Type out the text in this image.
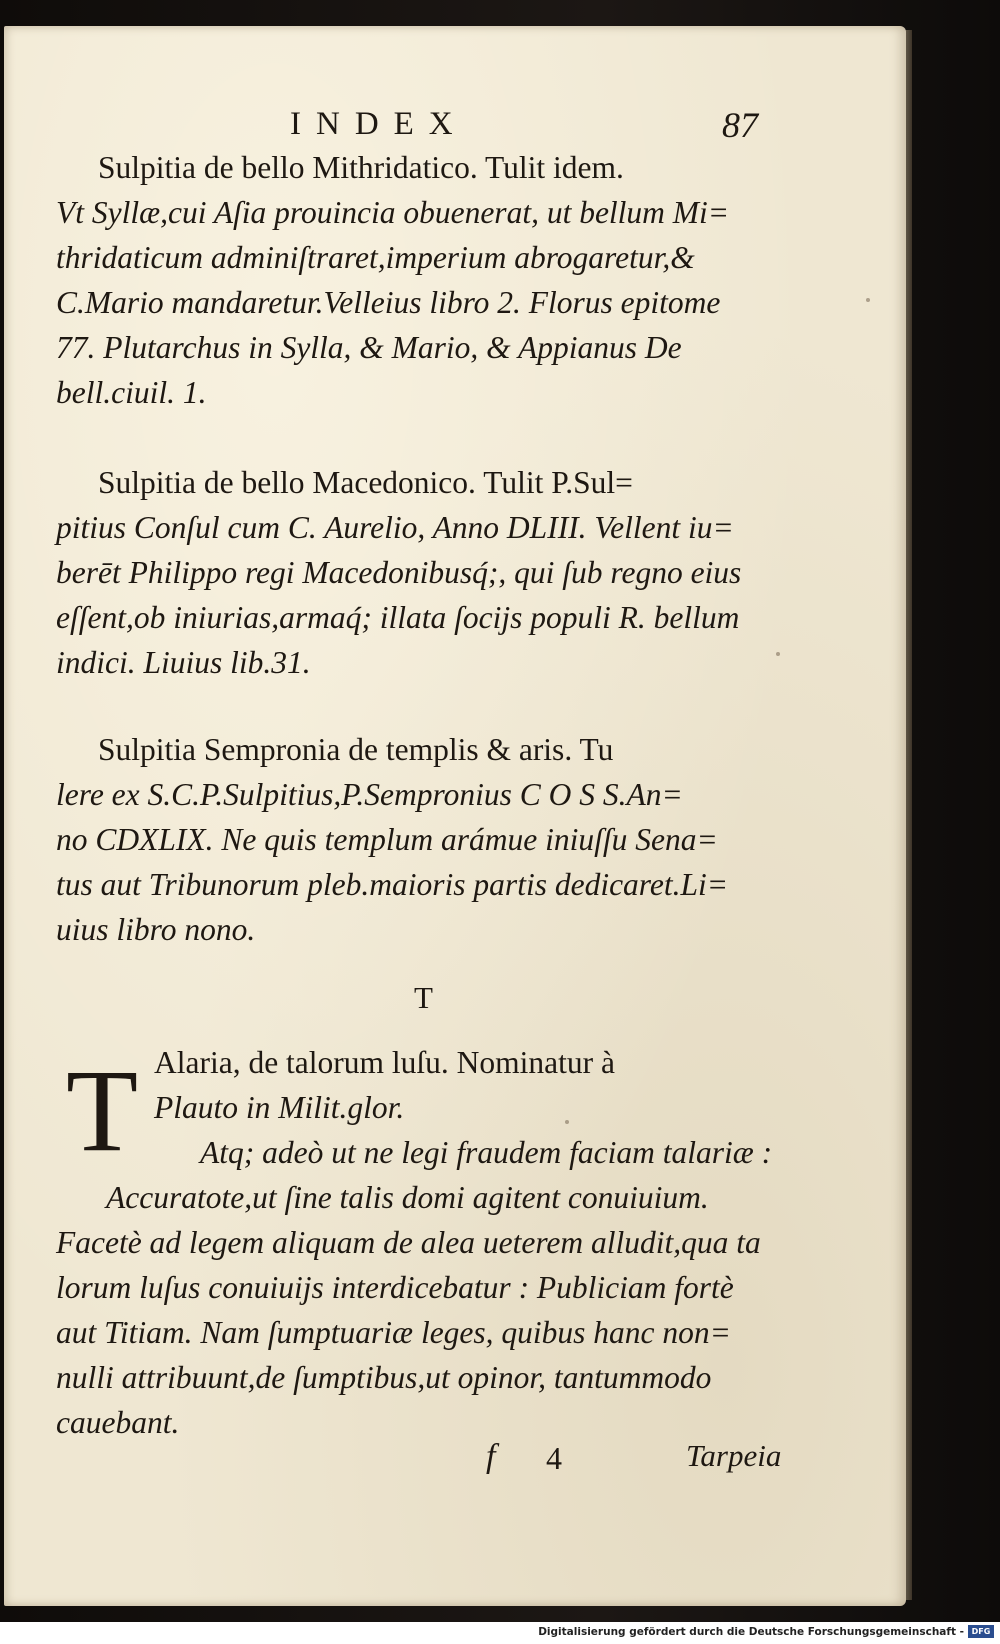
INDEX	87
Sulpitia de bello Mithridatico. Tulit idem.
Vt Syllæ,cui Aſia prouincia obuenerat, ut bellum Mi=
thridaticum adminiſtraret,imperium abrogaretur,&
C.Mario mandaretur.Velleius libro 2. Florus epitome
77. Plutarchus in Sylla, & Mario, & Appianus De
bell.ciuil. 1.
Sulpitia de bello Macedonico. Tulit P.Sul=
pitius Conſul cum C. Aurelio, Anno DLIII. Vellent iu=
berēt Philippo regi Macedonibusq́;, qui ſub regno eius
eſſent,ob iniurias,armaq́; illata ſocijs populi R. bellum
indici. Liuius lib.31.
Sulpitia Sempronia de templis & aris. Tu
lere ex S.C.P.Sulpitius,P.Sempronius C O S S.An=
no CDXLIX. Ne quis templum arámue iniuſſu Sena=
tus aut Tribunorum pleb.maioris partis dedicaret.Li=
uius libro nono.
T
T Alaria, de talorum luſu. Nominatur à
Plauto in Milit.glor.
Atq; adeò ut ne legi fraudem faciam talariæ :
Accuratote,ut ſine talis domi agitent conuiuium.
Facetè ad legem aliquam de alea ueterem alludit,qua ta
lorum luſus conuiuijs interdicebatur : Publiciam fortè
aut Titiam. Nam ſumptuariæ leges, quibus hanc non=
nulli attribuunt,de ſumptibus,ut opinor, tantummodo
cauebant.
f 4	Tarpeia
Digitalisierung gefördert durch die Deutsche Forschungsgemeinschaft - DFG
